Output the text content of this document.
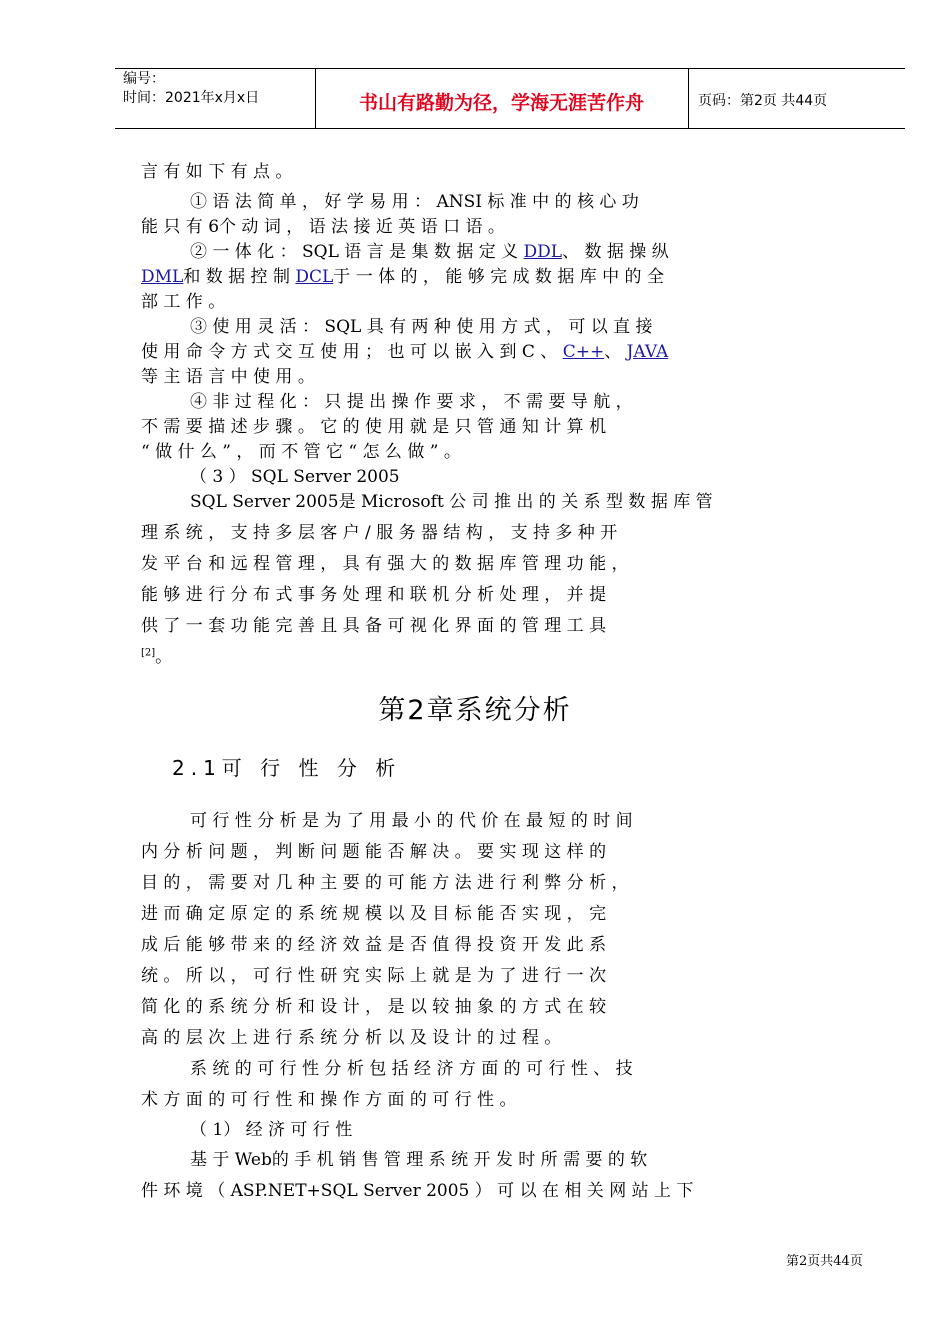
编号：
时间：2021年x月x日	书山有路勤为径，学海无涯苦作舟	页码：第2页 共44页
言 有 如 下 有 点 。
① 语 法 简 单 ， 好 学 易 用 ： ANSI 标 准 中 的 核 心 功
能 只 有 6个 动 词 ， 语 法 接 近 英 语 口 语 。
② 一 体 化 ： SQL 语 言 是 集 数 据 定 义 DDL、 数 据 操 纵
DML和 数 据 控 制 DCL于 一 体 的 ， 能 够 完 成 数 据 库 中 的 全
部 工 作 。
③ 使 用 灵 活 ： SQL 具 有 两 种 使 用 方 式 ， 可 以 直 接
使 用 命 令 方 式 交 互 使 用 ； 也 可 以 嵌 入 到 C 、 C++、 JAVA
等 主 语 言 中 使 用 。
④ 非 过 程 化 ： 只 提 出 操 作 要 求 ， 不 需 要 导 航 ，
不 需 要 描 述 步 骤 。 它 的 使 用 就 是 只 管 通 知 计 算 机
“ 做 什 么 ” ， 而 不 管 它 “ 怎 么 做 ” 。
（ 3 ） SQL Server 2005
SQL Server 2005是 Microsoft 公 司 推 出 的 关 系 型 数 据 库 管
理 系 统 ， 支 持 多 层 客 户 / 服 务 器 结 构 ， 支 持 多 种 开
发 平 台 和 远 程 管 理 ， 具 有 强 大 的 数 据 库 管 理 功 能 ，
能 够 进 行 分 布 式 事 务 处 理 和 联 机 分 析 处 理 ， 并 提
供 了 一 套 功 能 完 善 且 具 备 可 视 化 界 面 的 管 理 工 具
[2]。
第2章系统分析
2.1可 行 性 分 析
可 行 性 分 析 是 为 了 用 最 小 的 代 价 在 最 短 的 时 间
内 分 析 问 题 ， 判 断 问 题 能 否 解 决 。 要 实 现 这 样 的
目 的 ， 需 要 对 几 种 主 要 的 可 能 方 法 进 行 利 弊 分 析 ，
进 而 确 定 原 定 的 系 统 规 模 以 及 目 标 能 否 实 现 ， 完
成 后 能 够 带 来 的 经 济 效 益 是 否 值 得 投 资 开 发 此 系
统 。 所 以 ， 可 行 性 研 究 实 际 上 就 是 为 了 进 行 一 次
简 化 的 系 统 分 析 和 设 计 ， 是 以 较 抽 象 的 方 式 在 较
高 的 层 次 上 进 行 系 统 分 析 以 及 设 计 的 过 程 。
系 统 的 可 行 性 分 析 包 括 经 济 方 面 的 可 行 性 、 技
术 方 面 的 可 行 性 和 操 作 方 面 的 可 行 性 。
（ 1） 经 济 可 行 性
基 于 Web的 手 机 销 售 管 理 系 统 开 发 时 所 需 要 的 软
件 环 境 （ ASP.NET+SQL Server 2005 ） 可 以 在 相 关 网 站 上 下
第2页共44页
